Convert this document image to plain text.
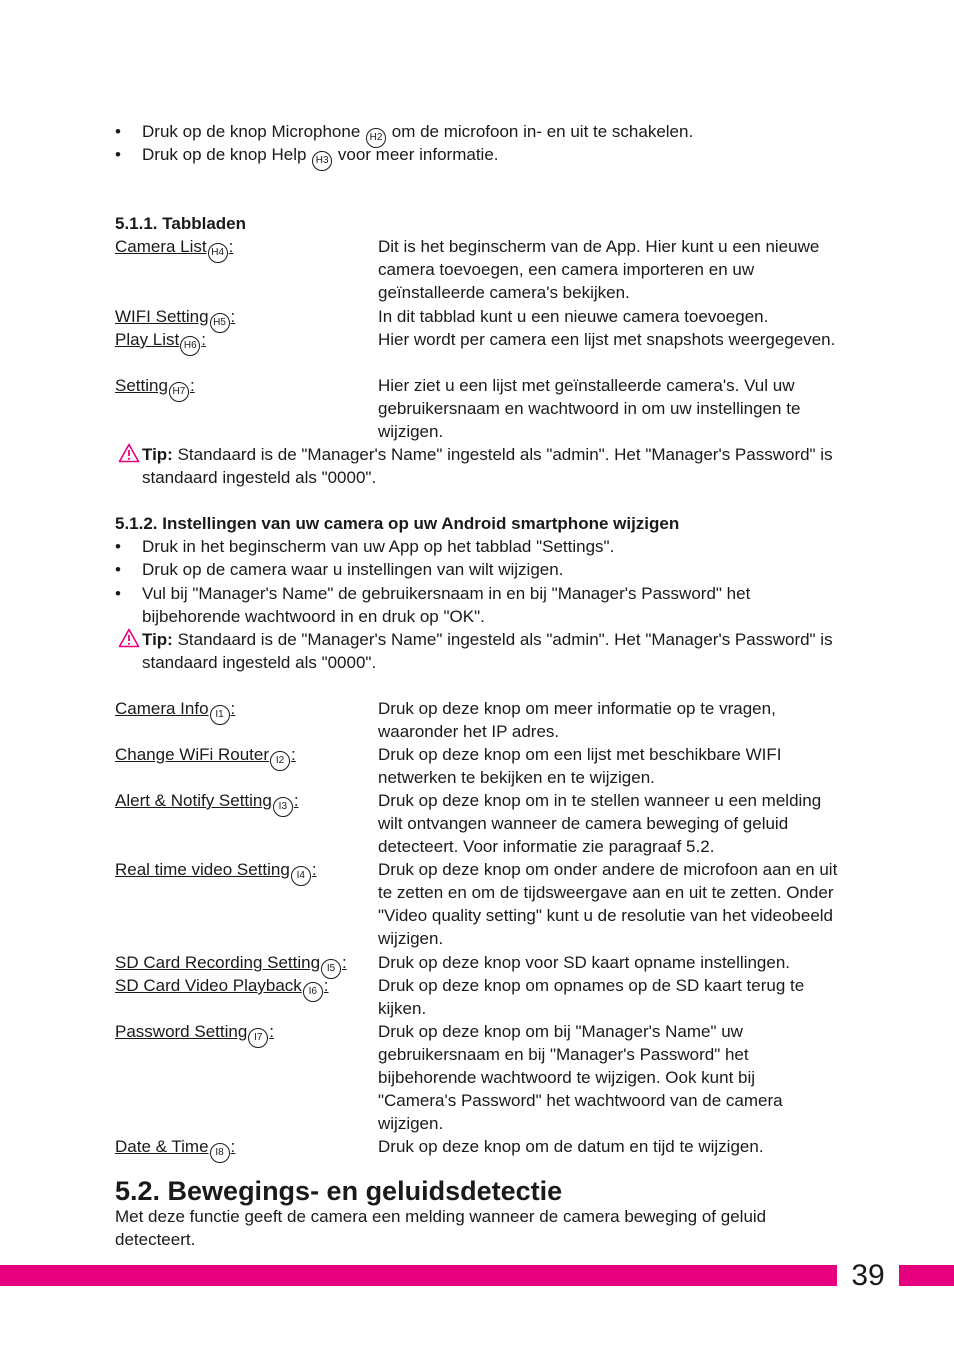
• Druk op de knop Microphone H2 om de microfoon in- en uit te schakelen.
• Druk op de knop Help H3 voor meer informatie.
5.1.1. Tabbladen
Camera List H4 :	Dit is het beginscherm van de App. Hier kunt u een nieuwe camera toevoegen, een camera importeren en uw geïnstalleerde camera's bekijken.
WIFI Setting H5 :	In dit tabblad kunt u een nieuwe camera toevoegen.
Play List H6 :	Hier wordt per camera een lijst met snapshots weergegeven.
Setting H7 :	Hier ziet u een lijst met geïnstalleerde camera's. Vul uw gebruikersnaam en wachtwoord in om uw instellingen te wijzigen.
Tip: Standaard is de "Manager's Name" ingesteld als "admin". Het "Manager's Password" is standaard ingesteld als "0000".
5.1.2. Instellingen van uw camera op uw Android smartphone wijzigen
• Druk in het beginscherm van uw App op het tabblad "Settings".
• Druk op de camera waar u instellingen van wilt wijzigen.
• Vul bij "Manager's Name" de gebruikersnaam in en bij "Manager's Password" het bijbehorende wachtwoord in en druk op "OK".
Tip: Standaard is de "Manager's Name" ingesteld als "admin". Het "Manager's Password" is standaard ingesteld als "0000".
Camera Info I1 :	Druk op deze knop om meer informatie op te vragen, waaronder het IP adres.
Change WiFi Router I2 :	Druk op deze knop om een lijst met beschikbare WIFI netwerken te bekijken en te wijzigen.
Alert & Notify Setting I3 :	Druk op deze knop om in te stellen wanneer u een melding wilt ontvangen wanneer de camera beweging of geluid detecteert. Voor informatie zie paragraaf 5.2.
Real time video Setting I4 :	Druk op deze knop om onder andere de microfoon aan en uit te zetten en om de tijdsweergave aan en uit te zetten. Onder "Video quality setting" kunt u de resolutie van het videobeeld wijzigen.
SD Card Recording Setting I5 : Druk op deze knop voor SD kaart opname instellingen.
SD Card Video Playback I6 :	Druk op deze knop om opnames op de SD kaart terug te kijken.
Password Setting I7 :	Druk op deze knop om bij "Manager's Name" uw gebruikersnaam en bij "Manager's Password" het bijbehorende wachtwoord te wijzigen. Ook kunt bij "Camera's Password" het wachtwoord van de camera wijzigen.
Date & Time I8 :	Druk op deze knop om de datum en tijd te wijzigen.
5.2. Bewegings- en geluidsdetectie
Met deze functie geeft de camera een melding wanneer de camera beweging of geluid detecteert.
39
